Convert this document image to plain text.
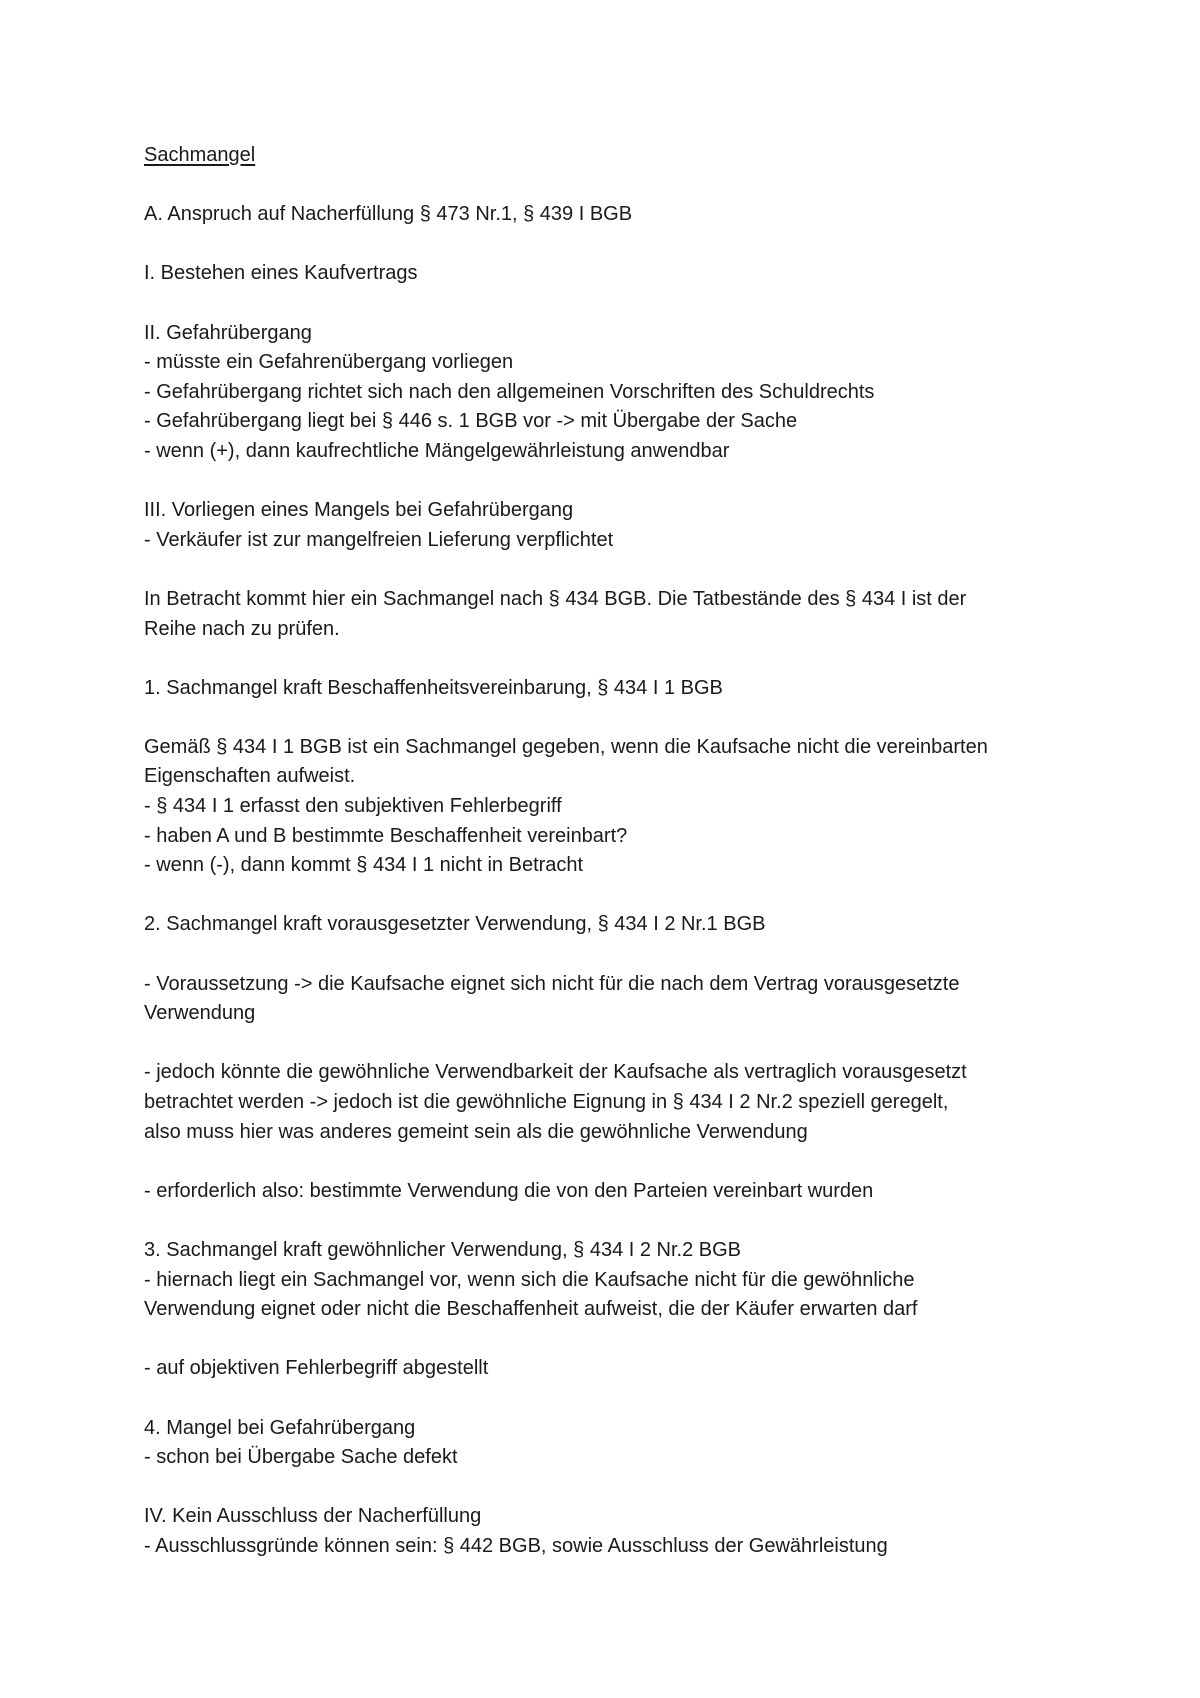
Sachmangel
A. Anspruch auf Nacherfüllung § 473 Nr.1, § 439 I BGB
I. Bestehen eines Kaufvertrags
II. Gefahrübergang
- müsste ein Gefahrenübergang vorliegen
- Gefahrübergang richtet sich nach den allgemeinen Vorschriften des Schuldrechts
- Gefahrübergang liegt bei § 446 s. 1 BGB vor -> mit Übergabe der Sache
- wenn (+), dann kaufrechtliche Mängelgewährleistung anwendbar
III. Vorliegen eines Mangels bei Gefahrübergang
- Verkäufer ist zur mangelfreien Lieferung verpflichtet
In Betracht kommt hier ein Sachmangel nach § 434 BGB. Die Tatbestände des § 434 I ist der
Reihe nach zu prüfen.
1. Sachmangel kraft Beschaffenheitsvereinbarung, § 434 I 1 BGB
Gemäß § 434 I 1 BGB ist ein Sachmangel gegeben, wenn die Kaufsache nicht die vereinbarten
Eigenschaften aufweist.
- § 434 I 1 erfasst den subjektiven Fehlerbegriff
- haben A und B bestimmte Beschaffenheit vereinbart?
- wenn (-), dann kommt § 434 I 1 nicht in Betracht
2. Sachmangel kraft vorausgesetzter Verwendung, § 434 I 2 Nr.1 BGB
- Voraussetzung -> die Kaufsache eignet sich nicht für die nach dem Vertrag vorausgesetzte
Verwendung
- jedoch könnte die gewöhnliche Verwendbarkeit der Kaufsache als vertraglich vorausgesetzt
betrachtet werden -> jedoch ist die gewöhnliche Eignung in § 434 I 2 Nr.2 speziell geregelt,
also muss hier was anderes gemeint sein als die gewöhnliche Verwendung
- erforderlich also: bestimmte Verwendung die von den Parteien vereinbart wurden
3. Sachmangel kraft gewöhnlicher Verwendung, § 434 I 2 Nr.2 BGB
- hiernach liegt ein Sachmangel vor, wenn sich die Kaufsache nicht für die gewöhnliche
Verwendung eignet oder nicht die Beschaffenheit aufweist, die der Käufer erwarten darf
- auf objektiven Fehlerbegriff abgestellt
4. Mangel bei Gefahrübergang
- schon bei Übergabe Sache defekt
IV. Kein Ausschluss der Nacherfüllung
- Ausschlussgründe können sein: § 442 BGB, sowie Ausschluss der Gewährleistung
